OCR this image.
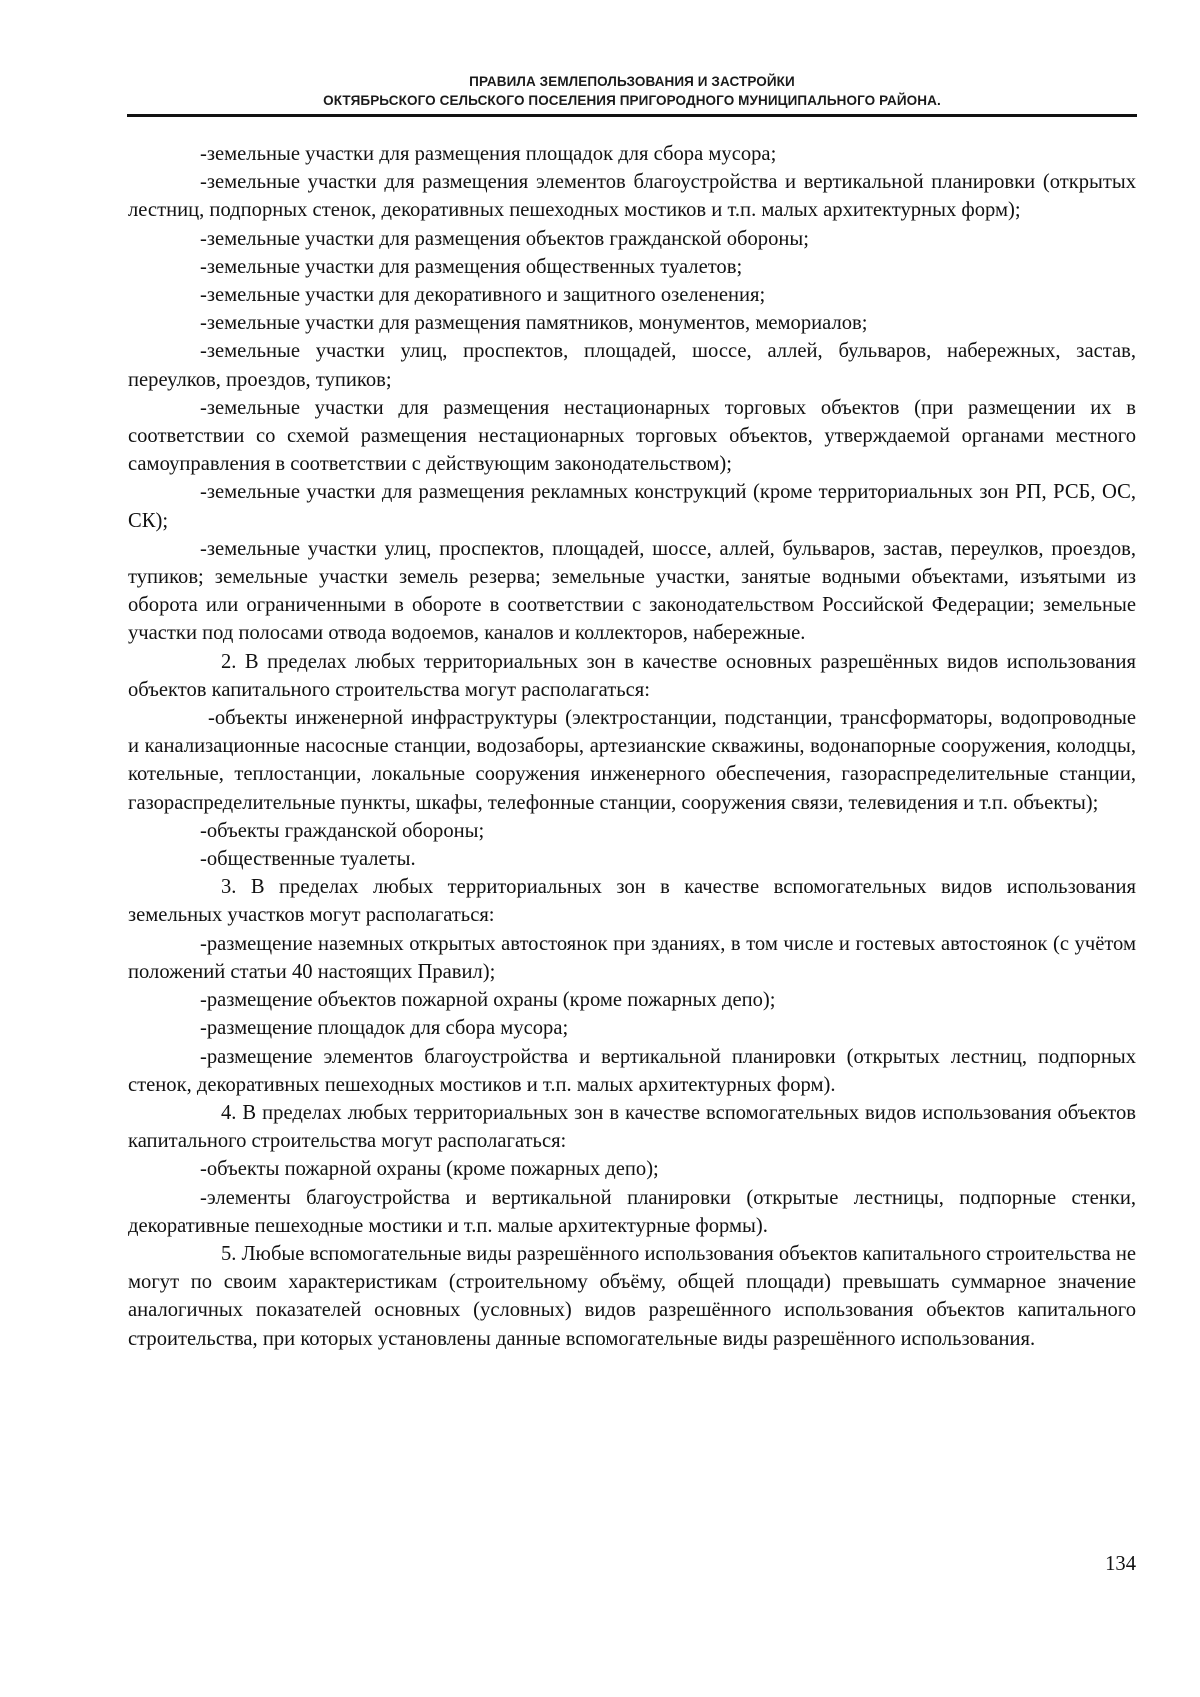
ПРАВИЛА ЗЕМЛЕПОЛЬЗОВАНИЯ И ЗАСТРОЙКИ
ОКТЯБРЬСКОГО СЕЛЬСКОГО ПОСЕЛЕНИЯ ПРИГОРОДНОГО МУНИЦИПАЛЬНОГО РАЙОНА.

-земельные участки для размещения площадок для сбора мусора;

-земельные участки для размещения элементов благоустройства и вертикальной планировки (открытых лестниц, подпорных стенок, декоративных пешеходных мостиков и т.п. малых архитектурных форм);

-земельные участки для размещения объектов гражданской обороны;

-земельные участки для размещения общественных туалетов;

-земельные участки для декоративного и защитного озеленения;

-земельные участки для размещения памятников, монументов, мемориалов;

-земельные участки улиц, проспектов, площадей, шоссе, аллей, бульваров, набережных, застав, переулков, проездов, тупиков;

-земельные участки для размещения нестационарных торговых объектов (при размещении их в соответствии со схемой размещения нестационарных торговых объектов, утверждаемой органами местного самоуправления в соответствии с действующим законодательством);

-земельные участки для размещения рекламных конструкций (кроме территориальных зон РП, РСБ, ОС, СК);

-земельные участки улиц, проспектов, площадей, шоссе, аллей, бульваров, застав, переулков, проездов, тупиков; земельные участки земель резерва; земельные участки, занятые водными объектами, изъятыми из оборота или ограниченными в обороте в соответствии с законодательством Российской Федерации; земельные участки под полосами отвода водоемов, каналов и коллекторов, набережные.

2. В пределах любых территориальных зон в качестве основных разрешённых видов использования объектов капитального строительства могут располагаться:

-объекты инженерной инфраструктуры (электростанции, подстанции, трансформаторы, водопроводные и канализационные насосные станции, водозаборы, артезианские скважины, водонапорные сооружения, колодцы, котельные, теплостанции, локальные сооружения инженерного обеспечения, газораспределительные станции, газораспределительные пункты, шкафы, телефонные станции, сооружения связи, телевидения и т.п. объекты);

-объекты гражданской обороны;

-общественные туалеты.

3. В пределах любых территориальных зон в качестве вспомогательных видов использования земельных участков могут располагаться:

-размещение наземных открытых автостоянок при зданиях, в том числе и гостевых автостоянок (с учётом положений статьи 40 настоящих Правил);

-размещение объектов пожарной охраны (кроме пожарных депо);

-размещение площадок для сбора мусора;

-размещение элементов благоустройства и вертикальной планировки (открытых лестниц, подпорных стенок, декоративных пешеходных мостиков и т.п. малых архитектурных форм).

4. В пределах любых территориальных зон в качестве вспомогательных видов использования объектов капитального строительства могут располагаться:

-объекты пожарной охраны (кроме пожарных депо);

-элементы благоустройства и вертикальной планировки (открытые лестницы, подпорные стенки, декоративные пешеходные мостики и т.п. малые архитектурные формы).

5. Любые вспомогательные виды разрешённого использования объектов капитального строительства не могут по своим характеристикам (строительному объёму, общей площади) превышать суммарное значение аналогичных показателей основных (условных) видов разрешённого использования объектов капитального строительства, при которых установлены данные вспомогательные виды разрешённого использования.

134
